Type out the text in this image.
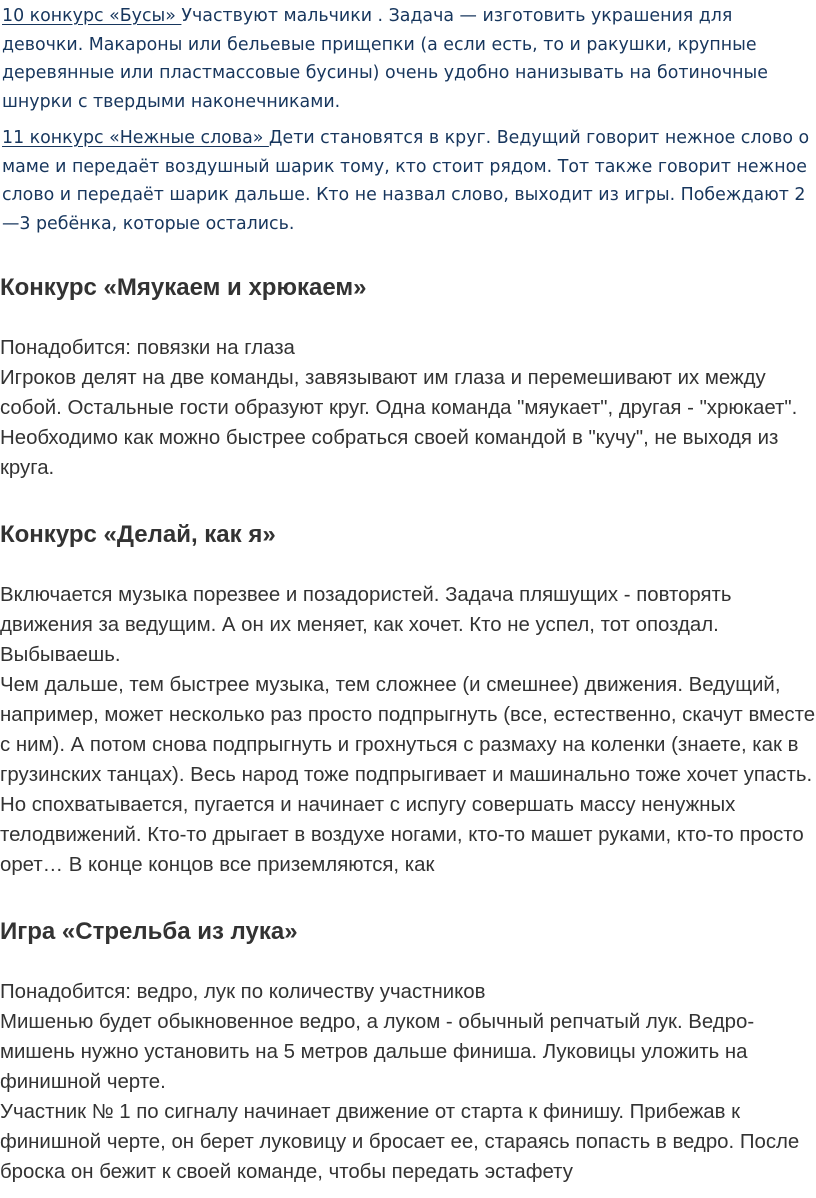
10 конкурс «Бусы» Участвуют мальчики . Задача — изготовить украшения для девочки. Макароны или бельевые прищепки (а если есть, то и ракушки, крупные деревянные или пластмассовые бусины) очень удобно нанизывать на ботиночные шнурки с твердыми наконечниками.

11 конкурс «Нежные слова» Дети становятся в круг. Ведущий говорит нежное слово о маме и передаёт воздушный шарик тому, кто стоит рядом. Тот также говорит нежное слово и передаёт шарик дальше. Кто не назвал слово, выходит из игры. Побеждают 2—3 ребёнка, которые остались.

Конкурс «Мяукаем и хрюкаем»

Понадобится: повязки на глаза

Игроков делят на две команды, завязывают им глаза и перемешивают их между собой. Остальные гости образуют круг. Одна команда "мяукает", другая - "хрюкает". Необходимо как можно быстрее собраться своей командой в "кучу", не выходя из круга.

Конкурс «Делай, как я»

Включается музыка порезвее и позадористей. Задача пляшущих - повторять движения за ведущим. А он их меняет, как хочет. Кто не успел, тот опоздал. Выбываешь.

Чем дальше, тем быстрее музыка, тем сложнее (и смешнее) движения. Ведущий, например, может несколько раз просто подпрыгнуть (все, естественно, скачут вместе с ним). А потом снова подпрыгнуть и грохнуться с размаху на коленки (знаете, как в грузинских танцах). Весь народ тоже подпрыгивает и машинально тоже хочет упасть. Но спохватывается, пугается и начинает с испугу совершать массу ненужных телодвижений. Кто-то дрыгает в воздухе ногами, кто-то машет руками, кто-то просто орет… В конце концов все приземляются, как

Игра «Стрельба из лука»

Понадобится: ведро, лук по количеству участников

Мишенью будет обыкновенное ведро, а луком - обычный репчатый лук. Ведро-мишень нужно установить на 5 метров дальше финиша. Луковицы уложить на финишной черте.

Участник № 1 по сигналу начинает движение от старта к финишу. Прибежав к финишной черте, он берет луковицу и бросает ее, стараясь попасть в ведро. После броска он бежит к своей команде, чтобы передать эстафету
